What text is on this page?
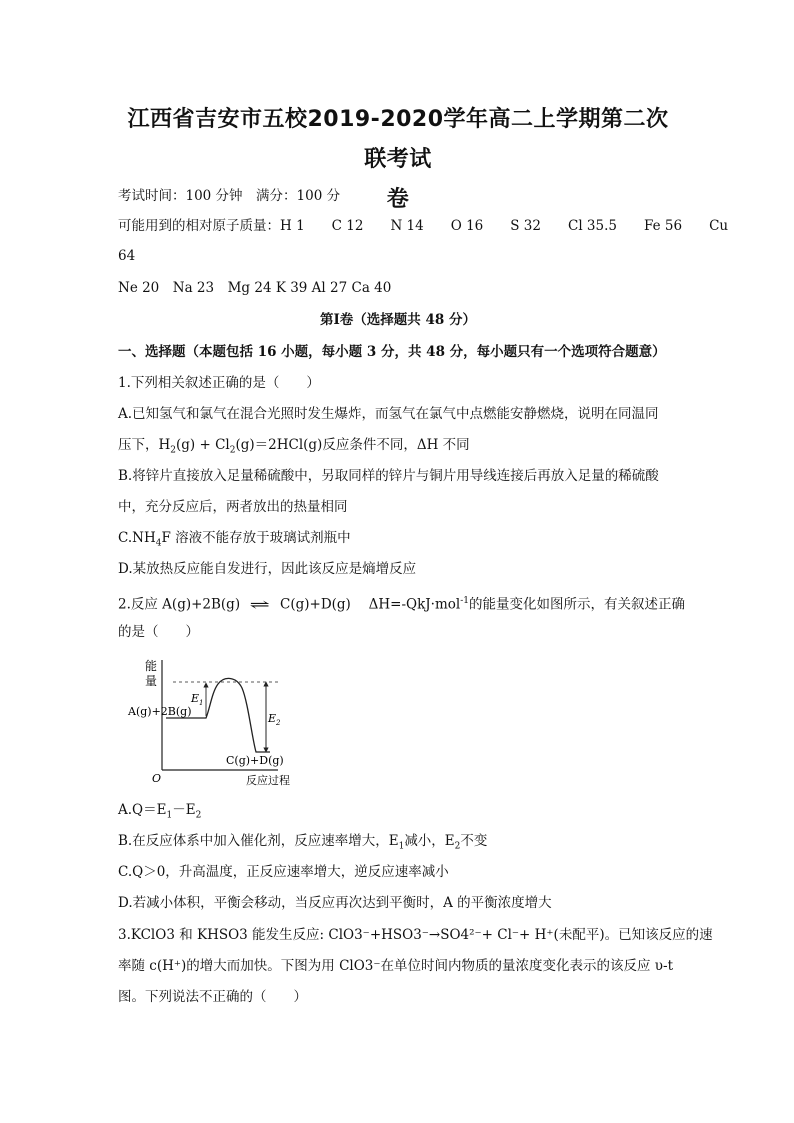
江西省吉安市五校2019-2020学年高二上学期第二次联考试
卷
考试时间：100 分钟　满分：100 分
可能用到的相对原子质量：H 1　　C 12　　N 14　　O 16　　S 32　　Cl 35.5　　Fe 56　　Cu
64
Ne 20　Na 23　Mg 24 K 39 Al 27 Ca 40
第Ⅰ卷（选择题共 48 分）
一、选择题（本题包括 16 小题，每小题 3 分，共 48 分，每小题只有一个选项符合题意）
1.下列相关叙述正确的是（　　）
A.已知氢气和氯气在混合光照时发生爆炸，而氢气在氯气中点燃能安静燃烧，说明在同温同
压下，$H_2(g) + Cl_2(g)=2HCl(g)$反应条件不同，ΔH 不同
B.将锌片直接放入足量稀硫酸中，另取同样的锌片与铜片用导线连接后再放入足量的稀硫酸
中，充分反应后，两者放出的热量相同
$C.NH_4F$ 溶液不能存放于玻璃试剂瓶中
D.某放热反应能自发进行，因此该反应是熵增反应
2.反应 A(g)+2B(g) ⇌ C(g)+D(g)　 ΔH=-QkJ·mol$^{-1}$的能量变化如图所示，有关叙述正确
的是（　　）
能
量
$E_1$
$E_2$
A(g)+2B(g)
C(g)+D(g)
O	反应过程
$A.Q=E_1-E_2$
B.在反应体系中加入催化剂，反应速率增大，$E_1$减小，$E_2$不变
C.Q＞0，升高温度，正反应速率增大，逆反应速率减小
D.若减小体积，平衡会移动，当反应再次达到平衡时，A 的平衡浓度增大
3.KClO3 和 KHSO3 能发生反应: ClO3⁻+HSO3⁻→SO4²⁻+ Cl⁻+ H⁺(未配平)。已知该反应的速
率随 c(H⁺)的增大而加快。下图为用 ClO3⁻在单位时间内物质的量浓度变化表示的该反应 υ-t
图。下列说法不正确的（　　）
